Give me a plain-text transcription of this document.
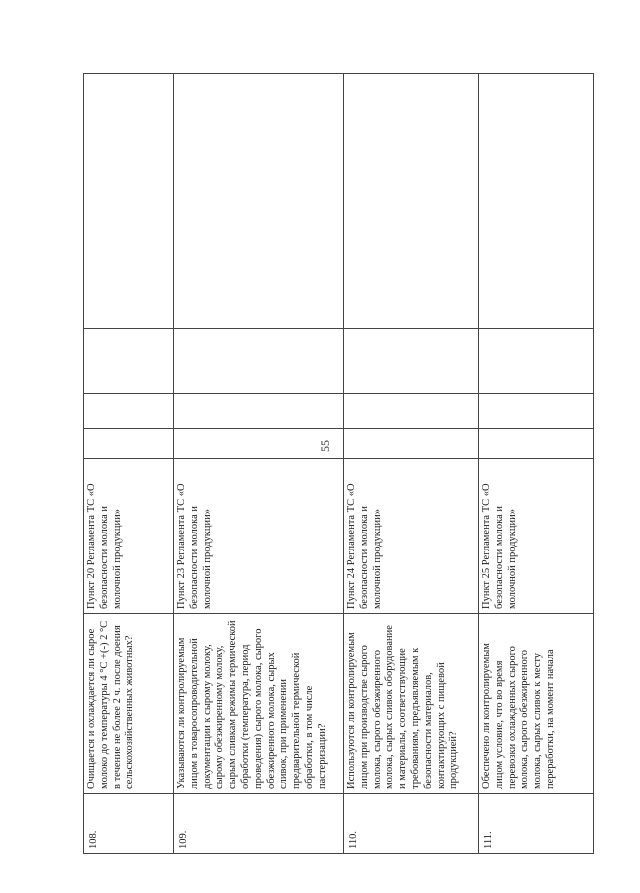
55
108.	Очищается и охлаждается ли сырое молоко до температуры 4 °С +(-) 2 °С в течение не более 2 ч. после доения сельскохозяйственных животных?	Пункт 20 Регламента ТС «О безопасности молока и молочной продукции»				
109.	Указываются ли контролируемым лицом в товаросопроводительной документации к сырому молоку, сырому обезжиренному молоку, сырым сливкам режимы термической обработки (температура, период проведения) сырого молока, сырого обезжиренного молока, сырых сливок, при применении предварительной термической обработки, в том числе пастеризации?	Пункт 23 Регламента ТС «О безопасности молока и молочной продукции»				
110.	Используются ли контролируемым лицом при производстве сырого молока, сырого обезжиренного молока, сырых сливок оборудование и материалы, соответствующие требованиям, предъявляемым к безопасности материалов, контактирующих с пищевой продукцией?	Пункт 24 Регламента ТС «О безопасности молока и молочной продукции»				
111.	Обеспечено ли контролируемым лицом условие, что во время перевозки охлажденных сырого молока, сырого обезжиренного молока, сырых сливок к месту переработки, на момент начала	Пункт 25 Регламента ТС «О безопасности молока и молочной продукции»				
